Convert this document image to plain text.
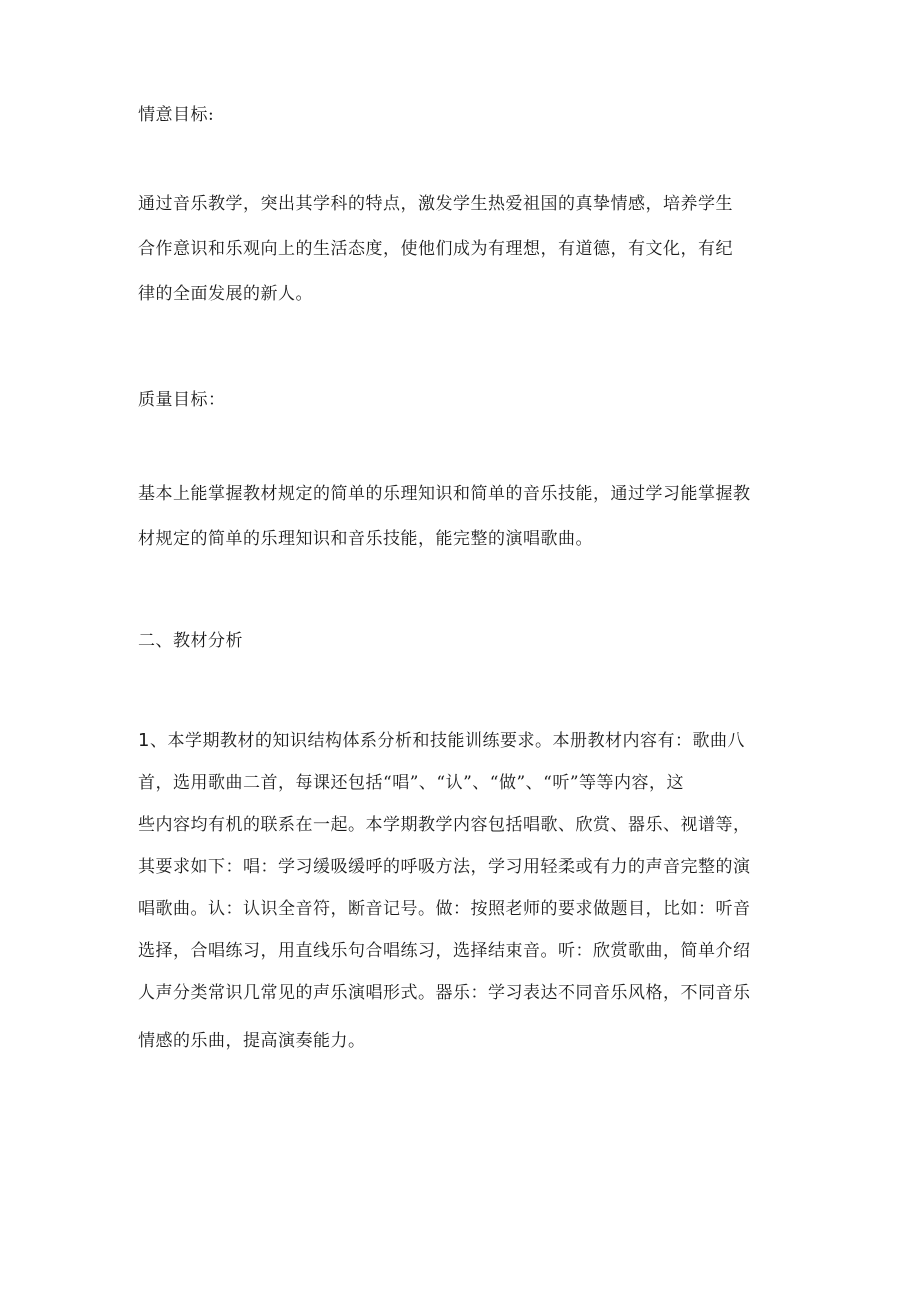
情意目标:
通过音乐教学，突出其学科的特点，激发学生热爱祖国的真挚情感，培养学生
合作意识和乐观向上的生活态度，使他们成为有理想，有道德，有文化，有纪
律的全面发展的新人。
质量目标：
基本上能掌握教材规定的简单的乐理知识和简单的音乐技能，通过学习能掌握教
材规定的简单的乐理知识和音乐技能，能完整的演唱歌曲。
二、教材分析
1、本学期教材的知识结构体系分析和技能训练要求。本册教材内容有：歌曲八
首，选用歌曲二首，每课还包括“唱”、“认”、“做”、“听”等等内容，这
些内容均有机的联系在一起。本学期教学内容包括唱歌、欣赏、器乐、视谱等，
其要求如下：唱：学习缓吸缓呼的呼吸方法，学习用轻柔或有力的声音完整的演
唱歌曲。认：认识全音符，断音记号。做：按照老师的要求做题目，比如：听音
选择，合唱练习，用直线乐句合唱练习，选择结束音。听：欣赏歌曲，简单介绍
人声分类常识几常见的声乐演唱形式。器乐：学习表达不同音乐风格，不同音乐
情感的乐曲，提高演奏能力。
